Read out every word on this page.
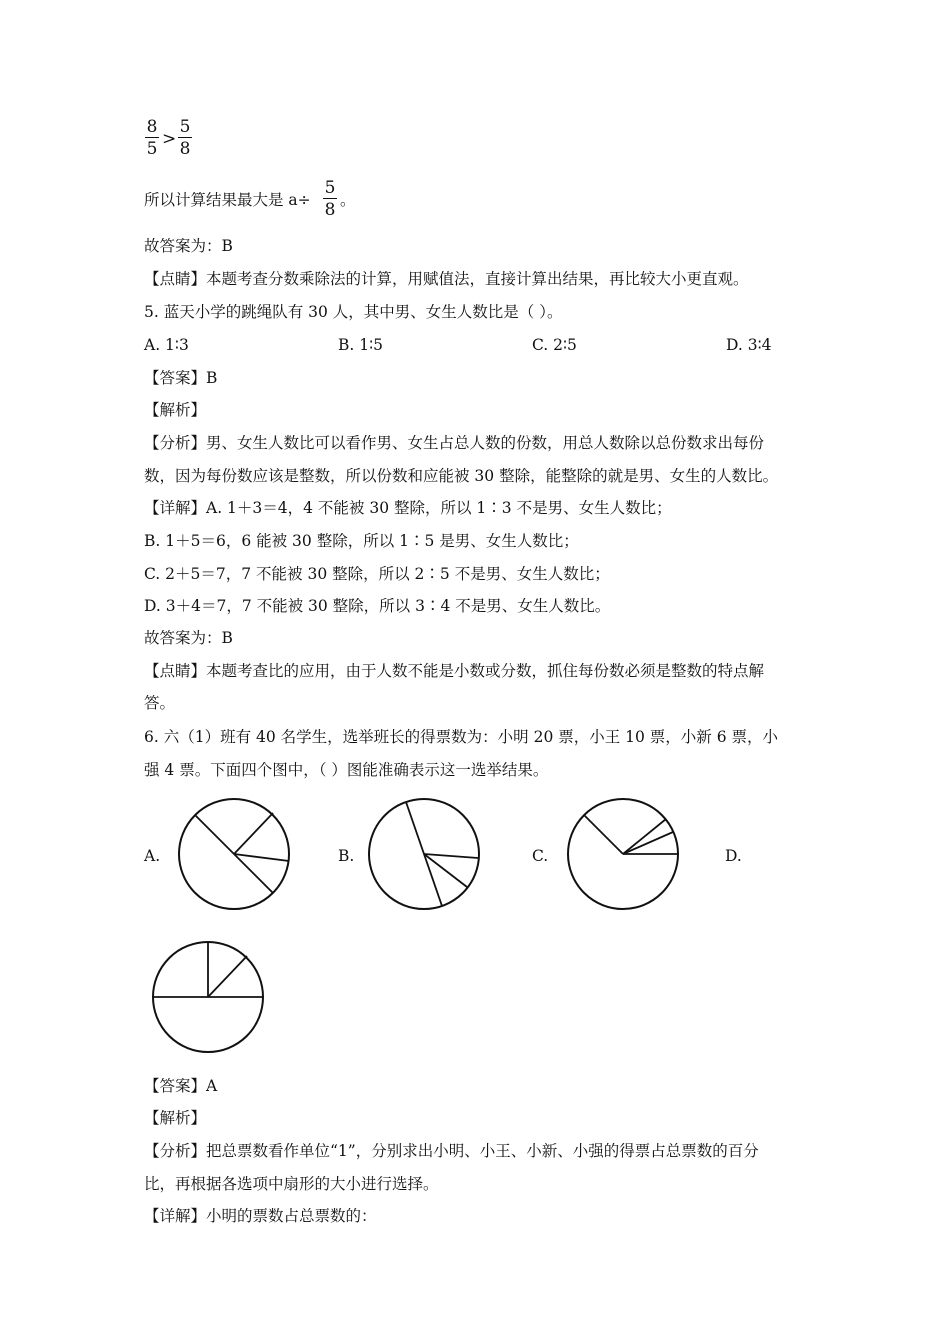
8
5 >
5
8
所以计算结果最大是 a÷
5
8 。
故答案为：B
【点睛】本题考查分数乘除法的计算，用赋值法，直接计算出结果，再比较大小更直观。
5. 蓝天小学的跳绳队有 30 人，其中男、女生人数比是（ ）。
A. 1∶3	B. 1∶5	C. 2∶5	D. 3∶4
【答案】B
【解析】
【分析】男、女生人数比可以看作男、女生占总人数的份数，用总人数除以总份数求出每份
数，因为每份数应该是整数，所以份数和应能被 30 整除，能整除的就是男、女生的人数比。
【详解】A. 1＋3＝4，4 不能被 30 整除，所以 1∶3 不是男、女生人数比；
B. 1＋5＝6，6 能被 30 整除，所以 1∶5 是男、女生人数比；
C. 2＋5＝7，7 不能被 30 整除，所以 2∶5 不是男、女生人数比；
D. 3＋4＝7，7 不能被 30 整除，所以 3∶4 不是男、女生人数比。
故答案为：B
【点睛】本题考查比的应用，由于人数不能是小数或分数，抓住每份数必须是整数的特点解
答。
6. 六（1）班有 40 名学生，选举班长的得票数为：小明 20 票，小王 10 票，小新 6 票，小
强 4 票。下面四个图中，（ ）图能准确表示这一选举结果。
A.	B.	C.	D.
【答案】A
【解析】
【分析】把总票数看作单位“1”，分别求出小明、小王、小新、小强的得票占总票数的百分
比，再根据各选项中扇形的大小进行选择。
【详解】小明的票数占总票数的：
